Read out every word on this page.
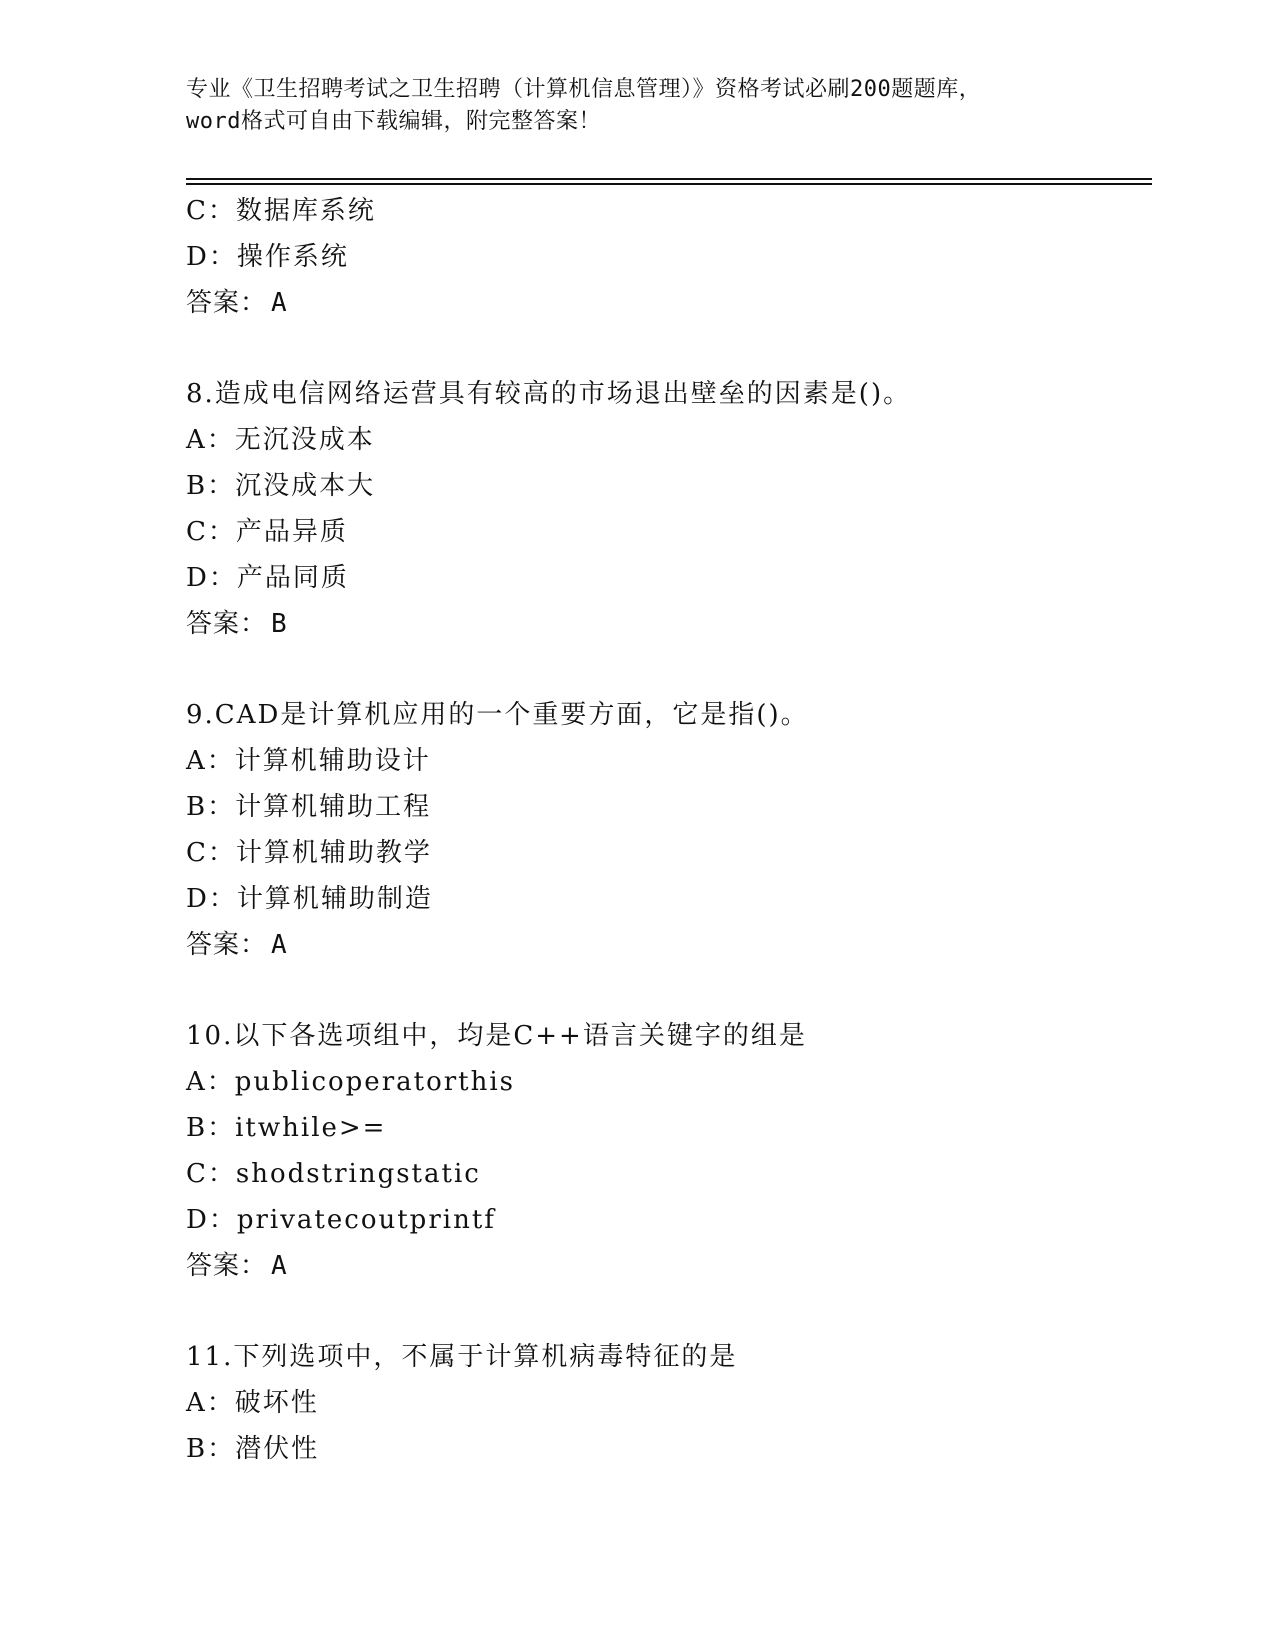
专业《卫生招聘考试之卫生招聘（计算机信息管理）》资格考试必刷200题题库，
word格式可自由下载编辑，附完整答案！
C：数据库系统
D：操作系统
答案： A
8.造成电信网络运营具有较高的市场退出壁垒的因素是()。
A：无沉没成本
B：沉没成本大
C：产品异质
D：产品同质
答案： B
9.CAD是计算机应用的一个重要方面，它是指()。
A：计算机辅助设计
B：计算机辅助工程
C：计算机辅助教学
D：计算机辅助制造
答案： A
10.以下各选项组中，均是C++语言关键字的组是
A：publicoperatorthis
B：itwhile>=
C：shodstringstatic
D：privatecoutprintf
答案： A
11.下列选项中，不属于计算机病毒特征的是
A：破坏性
B：潜伏性
